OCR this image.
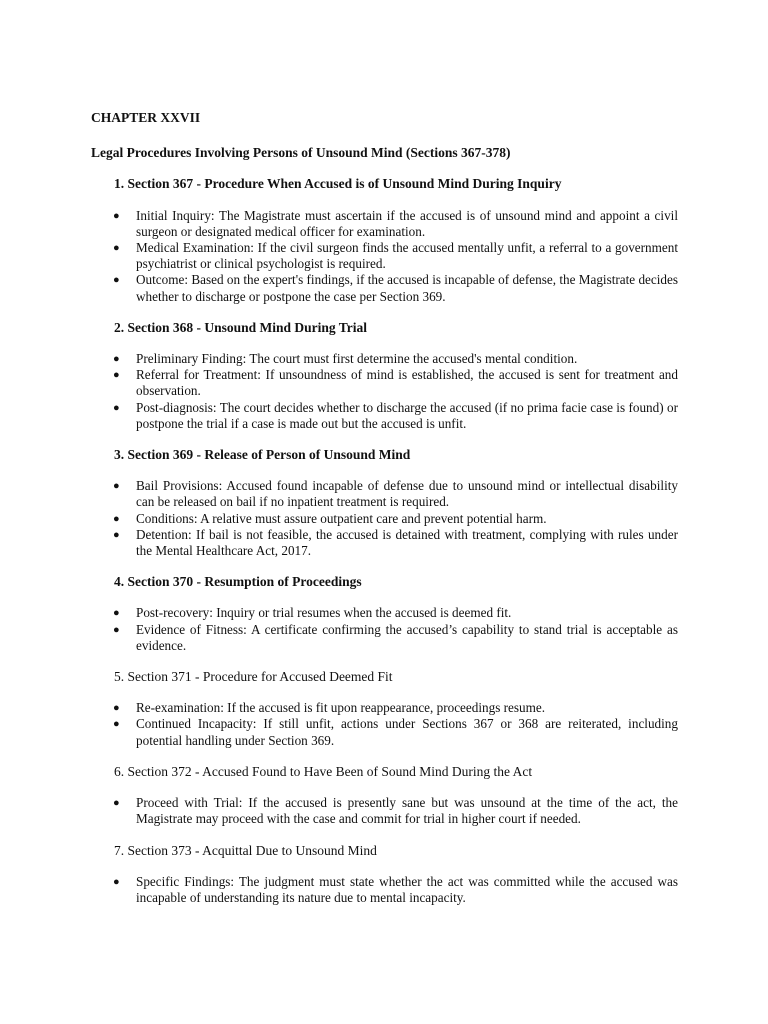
CHAPTER XXVII
Legal Procedures Involving Persons of Unsound Mind (Sections 367-378)
1. Section 367 - Procedure When Accused is of Unsound Mind During Inquiry
● Initial Inquiry: The Magistrate must ascertain if the accused is of unsound mind and appoint a civil surgeon or designated medical officer for examination.
● Medical Examination: If the civil surgeon finds the accused mentally unfit, a referral to a government psychiatrist or clinical psychologist is required.
● Outcome: Based on the expert's findings, if the accused is incapable of defense, the Magistrate decides whether to discharge or postpone the case per Section 369.
2. Section 368 - Unsound Mind During Trial
● Preliminary Finding: The court must first determine the accused's mental condition.
● Referral for Treatment: If unsoundness of mind is established, the accused is sent for treatment and observation.
● Post-diagnosis: The court decides whether to discharge the accused (if no prima facie case is found) or postpone the trial if a case is made out but the accused is unfit.
3. Section 369 - Release of Person of Unsound Mind
● Bail Provisions: Accused found incapable of defense due to unsound mind or intellectual disability can be released on bail if no inpatient treatment is required.
● Conditions: A relative must assure outpatient care and prevent potential harm.
● Detention: If bail is not feasible, the accused is detained with treatment, complying with rules under the Mental Healthcare Act, 2017.
4. Section 370 - Resumption of Proceedings
● Post-recovery: Inquiry or trial resumes when the accused is deemed fit.
● Evidence of Fitness: A certificate confirming the accused’s capability to stand trial is acceptable as evidence.
5. Section 371 - Procedure for Accused Deemed Fit
● Re-examination: If the accused is fit upon reappearance, proceedings resume.
● Continued Incapacity: If still unfit, actions under Sections 367 or 368 are reiterated, including potential handling under Section 369.
6. Section 372 - Accused Found to Have Been of Sound Mind During the Act
● Proceed with Trial: If the accused is presently sane but was unsound at the time of the act, the Magistrate may proceed with the case and commit for trial in higher court if needed.
7. Section 373 - Acquittal Due to Unsound Mind
● Specific Findings: The judgment must state whether the act was committed while the accused was incapable of understanding its nature due to mental incapacity.
